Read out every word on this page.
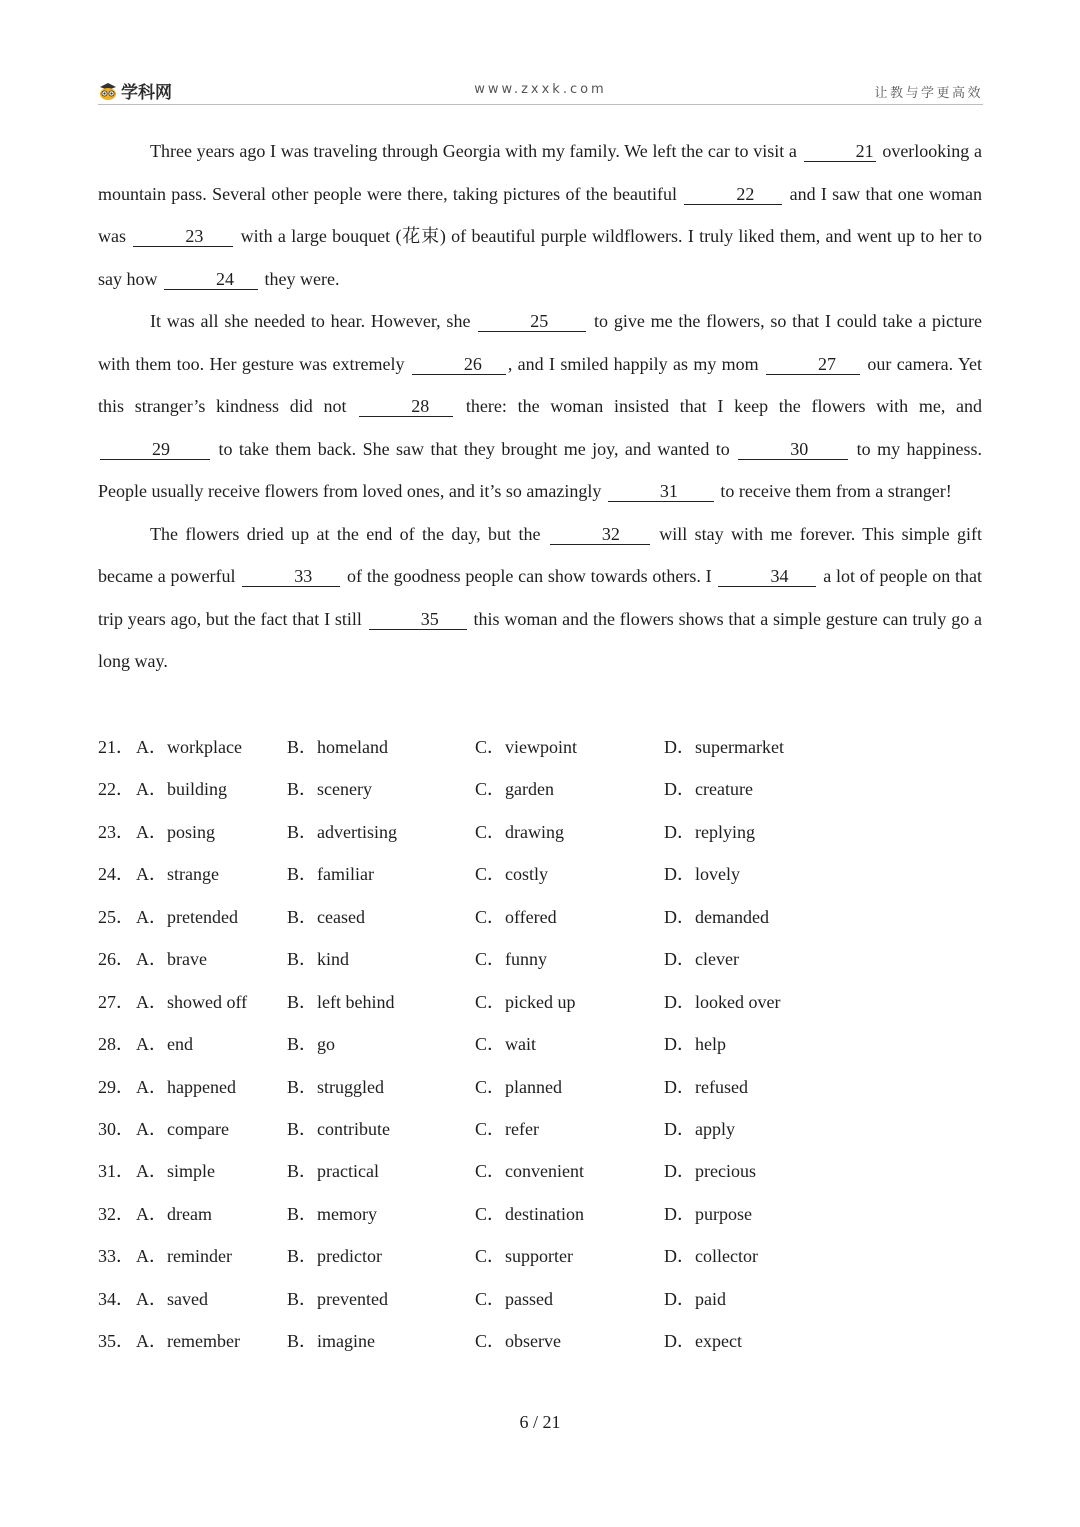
学科网	www.zxxk.com	让教与学更高效

Three years ago I was traveling through Georgia with my family. We left the car to visit a	21 overlooking a mountain pass. Several other people were there, taking pictures of the beautiful	22 and I saw that one woman was	23 with a large bouquet (花束) of beautiful purple wildflowers. I truly liked them, and went up to her to say how	24 they were.

It was all she needed to hear. However, she	25	to give me the flowers, so that I could take a picture with them too. Her gesture was extremely	26 , and I smiled happily as my mom	27 our camera. Yet this stranger’s kindness did not	28 there: the woman insisted that I keep the flowers with me, and 29	to take them back. She saw that they brought me joy, and wanted to	30	to my happiness. People usually receive flowers from loved ones, and it’s so amazingly	31 to receive them from a stranger!

The flowers dried up at the end of the day, but the	32 will stay with me forever. This simple gift became a powerful	33 of the goodness people can show towards others. I	34 a lot of people on that trip years ago, but the fact that I still	35 this woman and the flowers shows that a simple gesture can truly go a long way.

21． A．workplace	B．homeland	C．viewpoint	D．supermarket
22． A．building	B．scenery	C．garden	D．creature
23． A．posing	B．advertising	C．drawing	D．replying
24． A．strange	B．familiar	C．costly	D．lovely
25． A．pretended	B．ceased	C．offered	D．demanded
26． A．brave	B．kind	C．funny	D．clever
27． A．showed off B．left behind	C．picked up	D．looked over
28． A．end	B．go	C．wait	D．help
29． A．happened	B．struggled	C．planned	D．refused
30． A．compare	B．contribute	C．refer	D．apply
31． A．simple	B．practical	C．convenient	D．precious
32． A．dream	B．memory	C．destination	D．purpose
33． A．reminder	B．predictor	C．supporter	D．collector
34． A．saved	B．prevented	C．passed	D．paid
35． A．remember	B．imagine	C．observe	D．expect
6 / 21
